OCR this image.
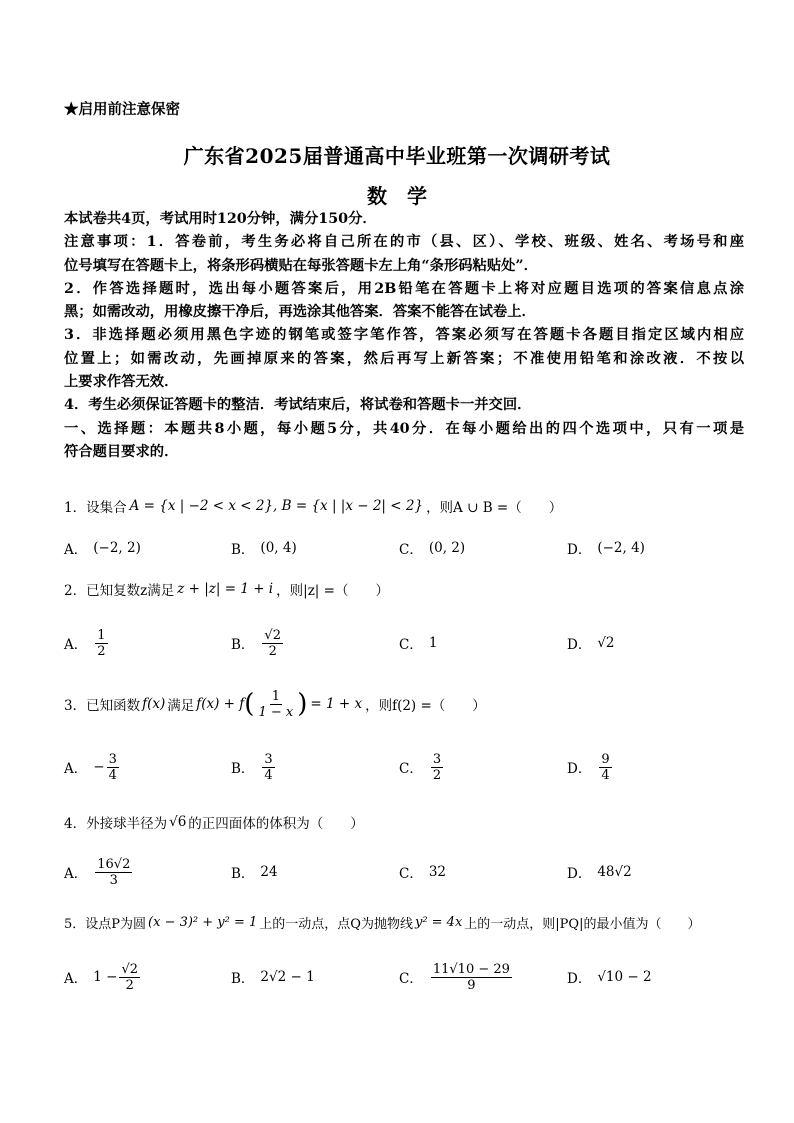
★启用前注意保密
广东省2025届普通高中毕业班第一次调研考试
数　学
本试卷共4页，考试用时120分钟，满分150分．
注意事项：1．答卷前，考生务必将自己所在的市（县、区）、学校、班级、姓名、考场号和座
位号填写在答题卡上，将条形码横贴在每张答题卡左上角“条形码粘贴处”．
2．作答选择题时，选出每小题答案后，用2B铅笔在答题卡上将对应题目选项的答案信息点涂
黑；如需改动，用橡皮擦干净后，再选涂其他答案．答案不能答在试卷上．
3．非选择题必须用黑色字迹的钢笔或签字笔作答，答案必须写在答题卡各题目指定区域内相应
位置上；如需改动，先画掉原来的答案，然后再写上新答案；不准使用铅笔和涂改液．不按以
上要求作答无效．
4．考生必须保证答题卡的整洁．考试结束后，将试卷和答题卡一并交回．
一、选择题：本题共8小题，每小题5分，共40分．在每小题给出的四个选项中，只有一项是
符合题目要求的．
1． 设集合 A = {x | −2 < x < 2}, B = {x | |x − 2| < 2} ，则A ∪ B =（　　）
A． (−2, 2)	B． (0, 4)	C． (0, 2)	D． (−2, 4)
2． 已知复数z满足 z + |z| = 1 + i ，则|z| =（　　）
A． $\frac{1}{2}$	B． $\frac{√2}{2}$	C． 1	D． √2
3． 已知函数 f(x) 满足 f(x) + f ( $\frac{1}{1 - x}$ ) = 1 + x ，则f(2) =（　　）
A． − $\frac{3}{4}$	B． $\frac{3}{4}$	C． $\frac{3}{2}$	D． $\frac{9}{4}$
4． 外接球半径为 √6 的正四面体的体积为（　　）
A． $\frac{16√2}{3}$	B． 24	C． 32	D． 48√2
5． 设点P为圆 (x − 3)² + y² = 1 上的一动点，点Q为抛物线 y² = 4x 上的一动点，则|PQ|的最小值为（　　）
A． $1 - \frac{√2}{2}$	B． 2√2 − 1	C． $\frac{11√10 - 29}{9}$	D． √10 − 2
